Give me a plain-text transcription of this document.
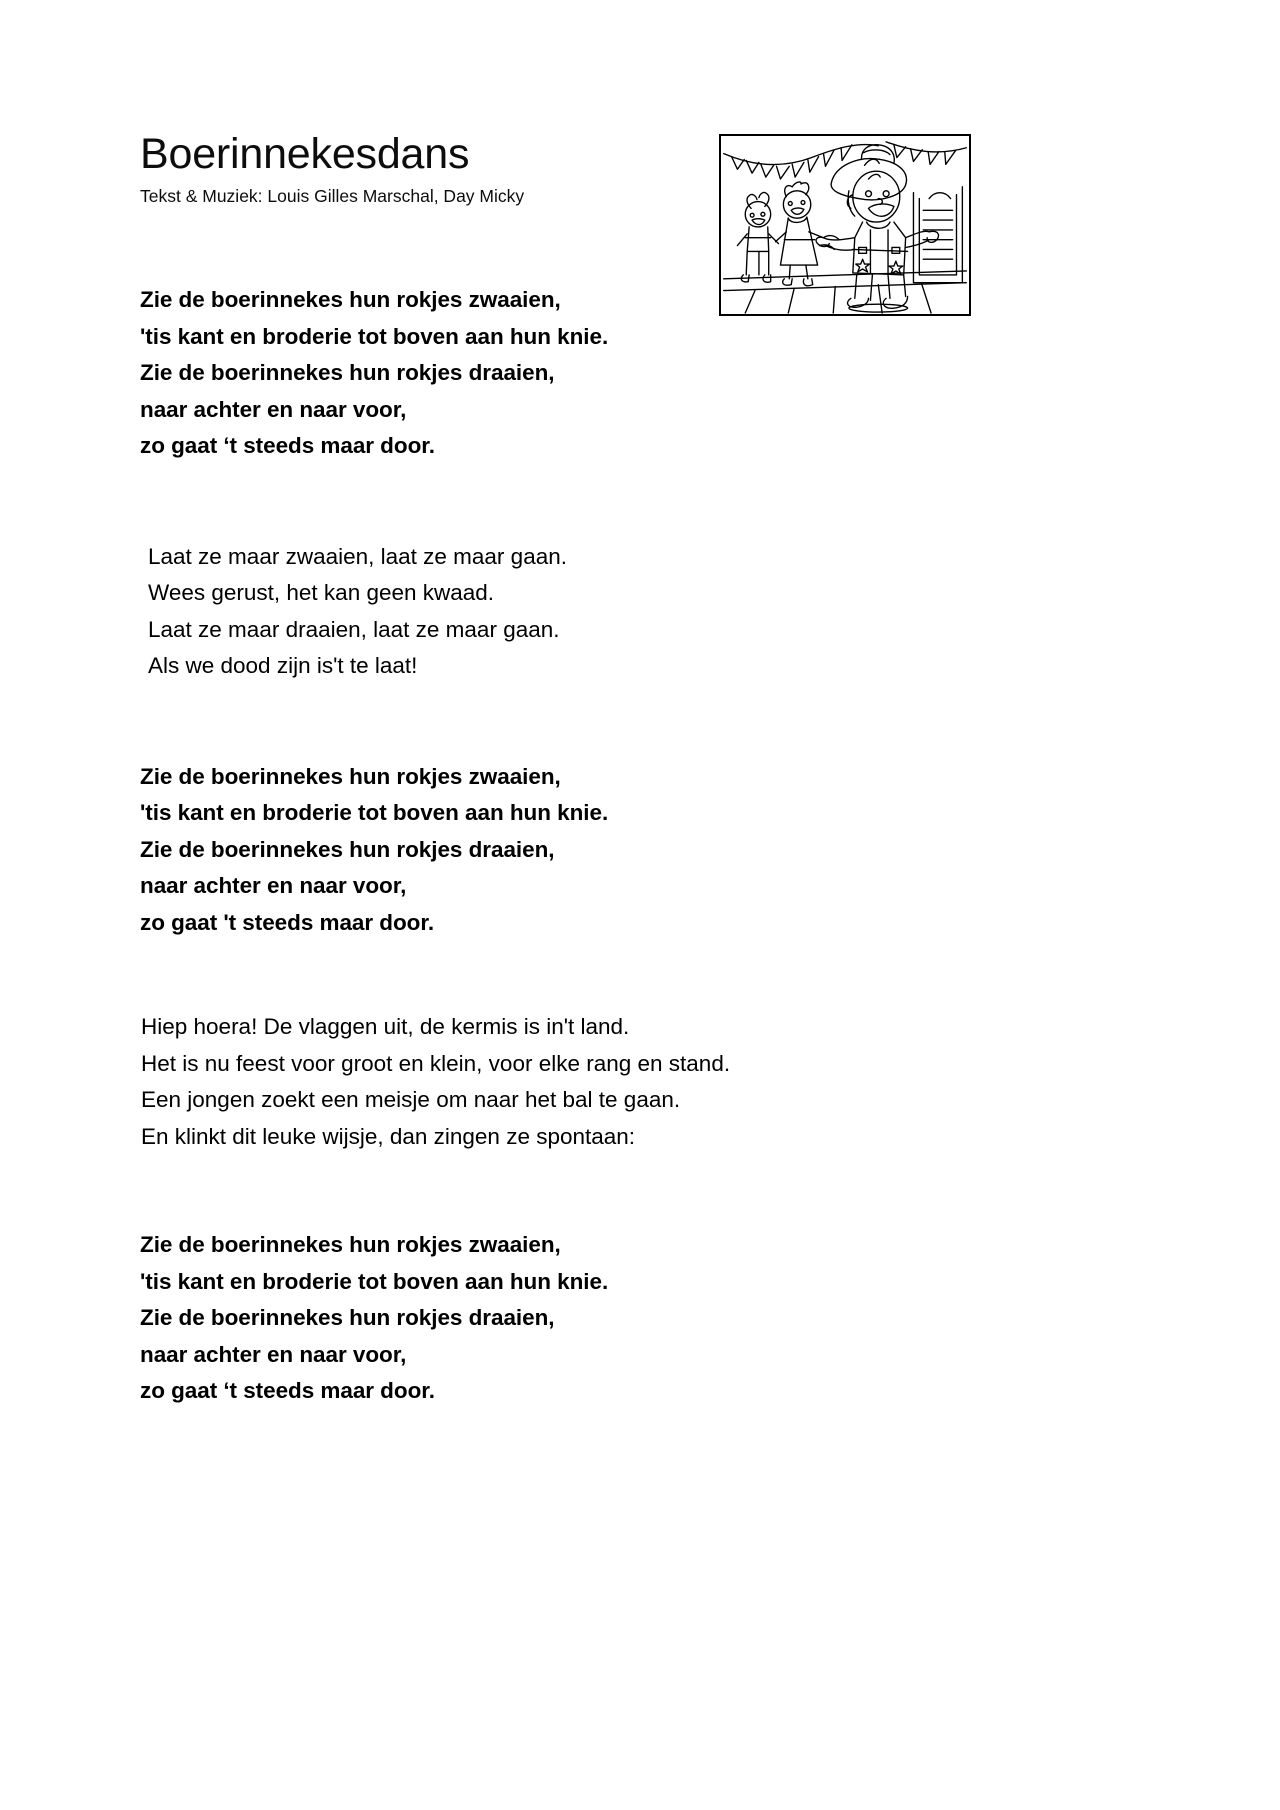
Boerinnekesdans
Tekst & Muziek: Louis Gilles Marschal, Day Micky
Zie de boerinnekes hun rokjes zwaaien,
'tis kant en broderie tot boven aan hun knie.
Zie de boerinnekes hun rokjes draaien,
naar achter en naar voor,
zo gaat ‘t steeds maar door.
Laat ze maar zwaaien, laat ze maar gaan.
Wees gerust, het kan geen kwaad.
Laat ze maar draaien, laat ze maar gaan.
Als we dood zijn is't te laat!
Zie de boerinnekes hun rokjes zwaaien,
'tis kant en broderie tot boven aan hun knie.
Zie de boerinnekes hun rokjes draaien,
naar achter en naar voor,
zo gaat 't steeds maar door.
Hiep hoera! De vlaggen uit, de kermis is in't land.
Het is nu feest voor groot en klein, voor elke rang en stand.
Een jongen zoekt een meisje om naar het bal te gaan.
En klinkt dit leuke wijsje, dan zingen ze spontaan:
Zie de boerinnekes hun rokjes zwaaien,
'tis kant en broderie tot boven aan hun knie.
Zie de boerinnekes hun rokjes draaien,
naar achter en naar voor,
zo gaat ‘t steeds maar door.
